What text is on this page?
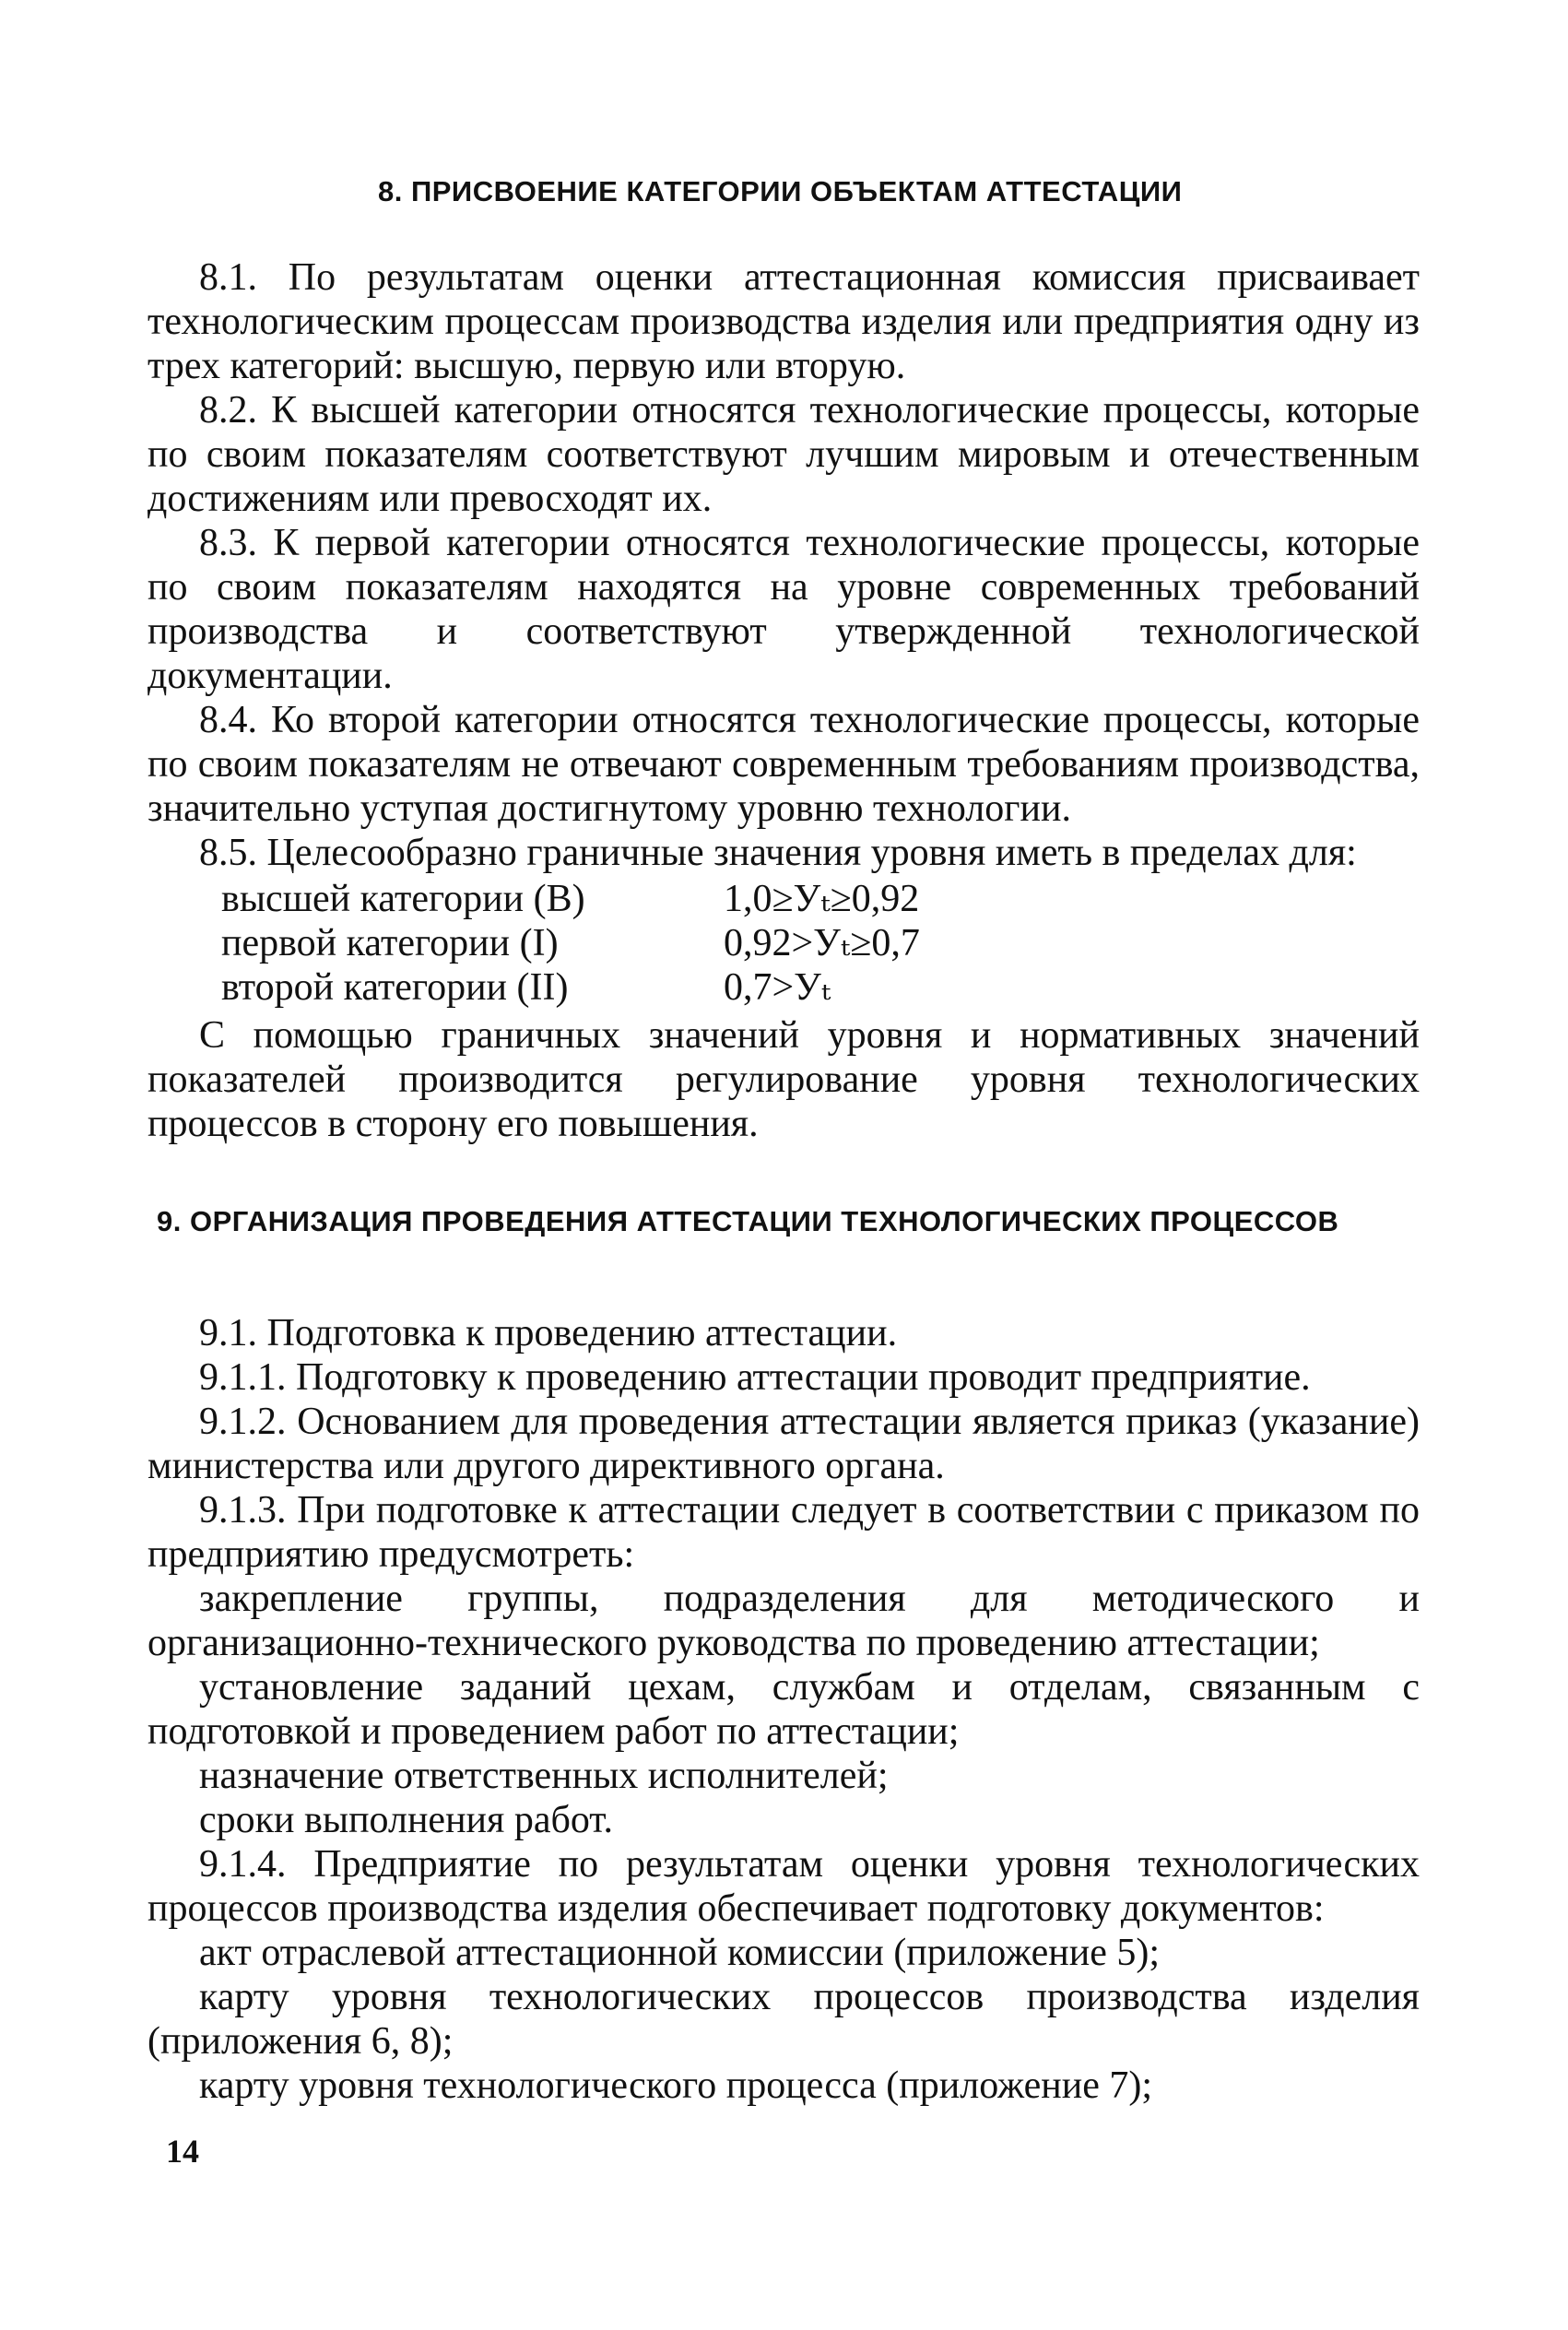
8. ПРИСВОЕНИЕ КАТЕГОРИИ ОБЪЕКТАМ АТТЕСТАЦИИ

8.1. По результатам оценки аттестационная комиссия присваивает технологическим процессам производства изделия или предприятия одну из трех категорий: высшую, первую или вторую.

8.2. К высшей категории относятся технологические процессы, которые по своим показателям соответствуют лучшим мировым и отечественным достижениям или превосходят их.

8.3. К первой категории относятся технологические процессы, которые по своим показателям находятся на уровне современных требований производства и соответствуют утвержденной технологической документации.

8.4. Ко второй категории относятся технологические процессы, которые по своим показателям не отвечают современным требованиям производства, значительно уступая достигнутому уровню технологии.

8.5. Целесообразно граничные значения уровня иметь в пределах для:

высшей категории (В)	1,0≥Уₜ≥0,92
первой категории (I)	0,92>Уₜ≥0,7
второй категории (II)	0,7>Уₜ

С помощью граничных значений уровня и нормативных значений показателей производится регулирование уровня технологических процессов в сторону его повышения.

9. ОРГАНИЗАЦИЯ ПРОВЕДЕНИЯ АТТЕСТАЦИИ ТЕХНОЛОГИЧЕСКИХ ПРОЦЕССОВ

9.1. Подготовка к проведению аттестации.

9.1.1. Подготовку к проведению аттестации проводит предприятие.

9.1.2. Основанием для проведения аттестации является приказ (указание) министерства или другого директивного органа.

9.1.3. При подготовке к аттестации следует в соответствии с приказом по предприятию предусмотреть:

закрепление группы, подразделения для методического и организационно-технического руководства по проведению аттестации;

установление заданий цехам, службам и отделам, связанным с подготовкой и проведением работ по аттестации;

назначение ответственных исполнителей;

сроки выполнения работ.

9.1.4. Предприятие по результатам оценки уровня технологических процессов производства изделия обеспечивает подготовку документов:

акт отраслевой аттестационной комиссии (приложение 5);

карту уровня технологических процессов производства изделия (приложения 6, 8);

карту уровня технологического процесса (приложение 7);

14
